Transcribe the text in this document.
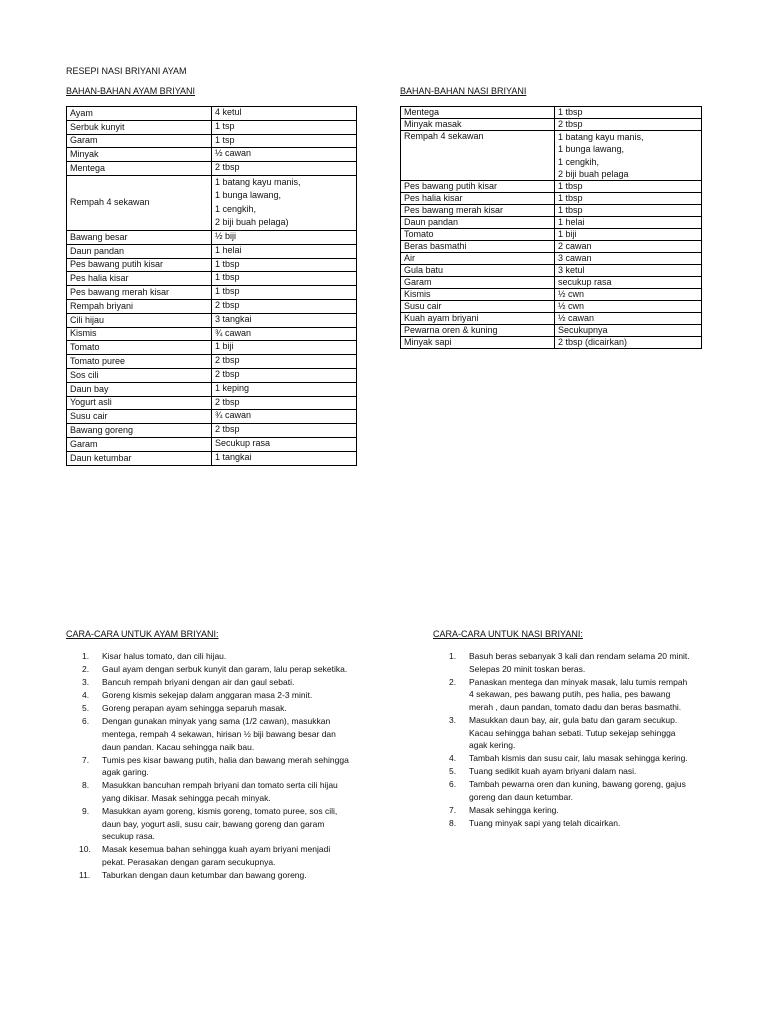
RESEPI NASI BRIYANI AYAM
BAHAN-BAHAN AYAM BRIYANI	BAHAN-BAHAN NASI BRIYANI
Ayam	4 ketul
Serbuk kunyit	1 tsp
Garam	1 tsp
Minyak	½ cawan
Mentega	2 tbsp
Rempah 4 sekawan	1 batang kayu manis,
1 bunga lawang,
1 cengkih,
2 biji buah pelaga)

Bawang besar	½ biji
Daun pandan	1 helai
Pes bawang putih kisar	1 tbsp
Pes halia kisar	1 tbsp
Pes bawang merah kisar	1 tbsp
Rempah briyani	2 tbsp
Cili hijau	3 tangkai
Kismis	¾ cawan
Tomato	1 biji
Tomato puree	2 tbsp
Sos cili	2 tbsp
Daun bay	1 keping
Yogurt asli	2 tbsp
Susu cair	¾ cawan
Bawang goreng	2 tbsp
Garam	Secukup rasa
Daun ketumbar	1 tangkai
Mentega	1 tbsp
Minyak masak	2 tbsp
Rempah 4 sekawan	1 batang kayu manis,
1 bunga lawang,
1 cengkih,
2 biji buah pelaga

Pes bawang putih kisar	1 tbsp
Pes halia kisar	1 tbsp
Pes bawang merah kisar	1 tbsp
Daun pandan	1 helai
Tomato	1 biji
Beras basmathi	2 cawan
Air	3 cawan
Gula batu	3 ketul
Garam	secukup rasa
Kismis	½ cwn
Susu cair	½ cwn
Kuah ayam briyani	½ cawan
Pewarna oren & kuning	Secukupnya
Minyak sapi	2 tbsp (dicairkan)
CARA-CARA UNTUK AYAM BRIYANI:	CARA-CARA UNTUK NASI BRIYANI:
1. Kisar halus tomato, dan cili hijau.
2. Gaul ayam dengan serbuk kunyit dan garam, lalu perap seketika.
3. Bancuh rempah briyani dengan air dan gaul sebati.
4. Goreng kismis sekejap dalam anggaran masa 2-3 minit.
5. Goreng perapan ayam sehingga separuh masak.
6. Dengan gunakan minyak yang sama (1/2 cawan), masukkan
mentega, rempah 4 sekawan, hirisan ½ biji bawang besar dan
daun pandan. Kacau sehingga naik bau.
7. Tumis pes kisar bawang putih, halia dan bawang merah sehingga
agak garing.
8. Masukkan bancuhan rempah briyani dan tomato serta cili hijau
yang dikisar. Masak sehingga pecah minyak.
9. Masukkan ayam goreng, kismis goreng, tomato puree, sos cili,
daun bay, yogurt asli, susu cair, bawang goreng dan garam
secukup rasa.
10. Masak kesemua bahan sehingga kuah ayam briyani menjadi
pekat. Perasakan dengan garam secukupnya.
11. Taburkan dengan daun ketumbar dan bawang goreng.
1. Basuh beras sebanyak 3 kali dan rendam selama 20 minit.
Selepas 20 minit toskan beras.
2. Panaskan mentega dan minyak masak, lalu tumis rempah
4 sekawan, pes bawang putih, pes halia, pes bawang
merah , daun pandan, tomato dadu dan beras basmathi.
3. Masukkan daun bay, air, gula batu dan garam secukup.
Kacau sehingga bahan sebati. Tutup sekejap sehingga
agak kering.
4. Tambah kismis dan susu cair, lalu masak sehingga kering.
5. Tuang sedikit kuah ayam briyani dalam nasi.
6. Tambah pewarna oren dan kuning, bawang goreng, gajus
goreng dan daun ketumbar.
7. Masak sehingga kering.
8. Tuang minyak sapi yang telah dicairkan.
